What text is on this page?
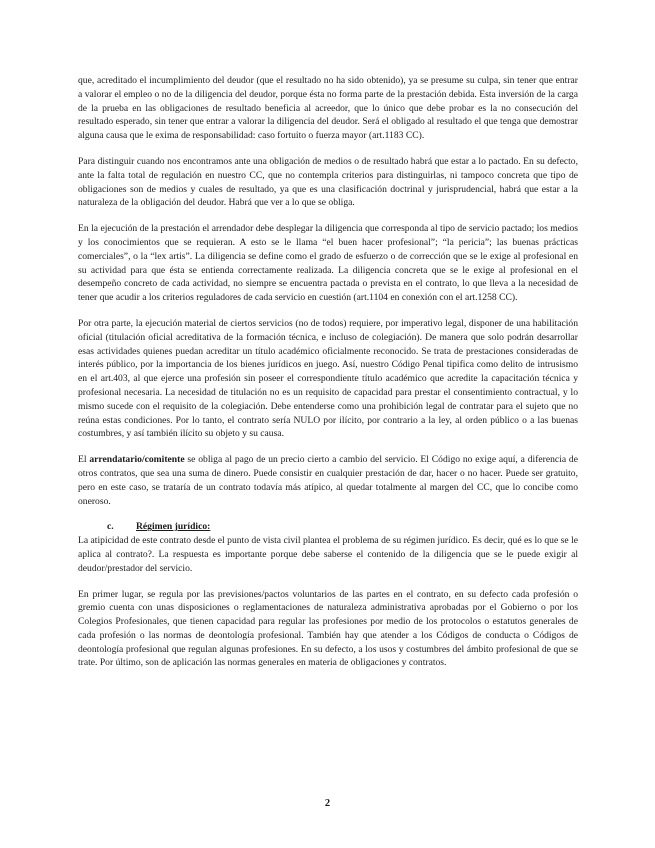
que, acreditado el incumplimiento del deudor (que el resultado no ha sido obtenido), ya se presume su culpa, sin tener que entrar a valorar el empleo o no de la diligencia del deudor, porque ésta no forma parte de la prestación debida. Esta inversión de la carga de la prueba en las obligaciones de resultado beneficia al acreedor, que lo único que debe probar es la no consecución del resultado esperado, sin tener que entrar a valorar la diligencia del deudor. Será el obligado al resultado el que tenga que demostrar alguna causa que le exima de responsabilidad: caso fortuito o fuerza mayor (art.1183 CC).

Para distinguir cuando nos encontramos ante una obligación de medios o de resultado habrá que estar a lo pactado. En su defecto, ante la falta total de regulación en nuestro CC, que no contempla criterios para distinguirlas, ni tampoco concreta que tipo de obligaciones son de medios y cuales de resultado, ya que es una clasificación doctrinal y jurisprudencial, habrá que estar a la naturaleza de la obligación del deudor. Habrá que ver a lo que se obliga.

En la ejecución de la prestación el arrendador debe desplegar la diligencia que corresponda al tipo de servicio pactado; los medios y los conocimientos que se requieran. A esto se le llama “el buen hacer profesional”; “la pericia”; las buenas prácticas comerciales”, o la “lex artis”. La diligencia se define como el grado de esfuerzo o de corrección que se le exige al profesional en su actividad para que ésta se entienda correctamente realizada. La diligencia concreta que se le exige al profesional en el desempeño concreto de cada actividad, no siempre se encuentra pactada o prevista en el contrato, lo que lleva a la necesidad de tener que acudir a los criterios reguladores de cada servicio en cuestión (art.1104 en conexión con el art.1258 CC).

Por otra parte, la ejecución material de ciertos servicios (no de todos) requiere, por imperativo legal, disponer de una habilitación oficial (titulación oficial acreditativa de la formación técnica, e incluso de colegiación). De manera que solo podrán desarrollar esas actividades quienes puedan acreditar un título académico oficialmente reconocido. Se trata de prestaciones consideradas de interés público, por la importancia de los bienes jurídicos en juego. Así, nuestro Código Penal tipifica como delito de intrusismo en el art.403, al que ejerce una profesión sin poseer el correspondiente título académico que acredite la capacitación técnica y profesional necesaria. La necesidad de titulación no es un requisito de capacidad para prestar el consentimiento contractual, y lo mismo sucede con el requisito de la colegiación. Debe entenderse como una prohibición legal de contratar para el sujeto que no reúna estas condiciones. Por lo tanto, el contrato sería NULO por ilícito, por contrario a la ley, al orden público o a las buenas costumbres, y así también ilícito su objeto y su causa.

El arrendatario/comitente se obliga al pago de un precio cierto a cambio del servicio. El Código no exige aquí, a diferencia de otros contratos, que sea una suma de dinero. Puede consistir en cualquier prestación de dar, hacer o no hacer. Puede ser gratuito, pero en este caso, se trataría de un contrato todavía más atípico, al quedar totalmente al margen del CC, que lo concibe como oneroso.

c. Régimen jurídico:

La atipicidad de este contrato desde el punto de vista civil plantea el problema de su régimen jurídico. Es decir, qué es lo que se le aplica al contrato?. La respuesta es importante porque debe saberse el contenido de la diligencia que se le puede exigir al deudor/prestador del servicio.

En primer lugar, se regula por las previsiones/pactos voluntarios de las partes en el contrato, en su defecto cada profesión o gremio cuenta con unas disposiciones o reglamentaciones de naturaleza administrativa aprobadas por el Gobierno o por los Colegios Profesionales, que tienen capacidad para regular las profesiones por medio de los protocolos o estatutos generales de cada profesión o las normas de deontología profesional. También hay que atender a los Códigos de conducta o Códigos de deontología profesional que regulan algunas profesiones. En su defecto, a los usos y costumbres del ámbito profesional de que se trate. Por último, son de aplicación las normas generales en materia de obligaciones y contratos.

2
